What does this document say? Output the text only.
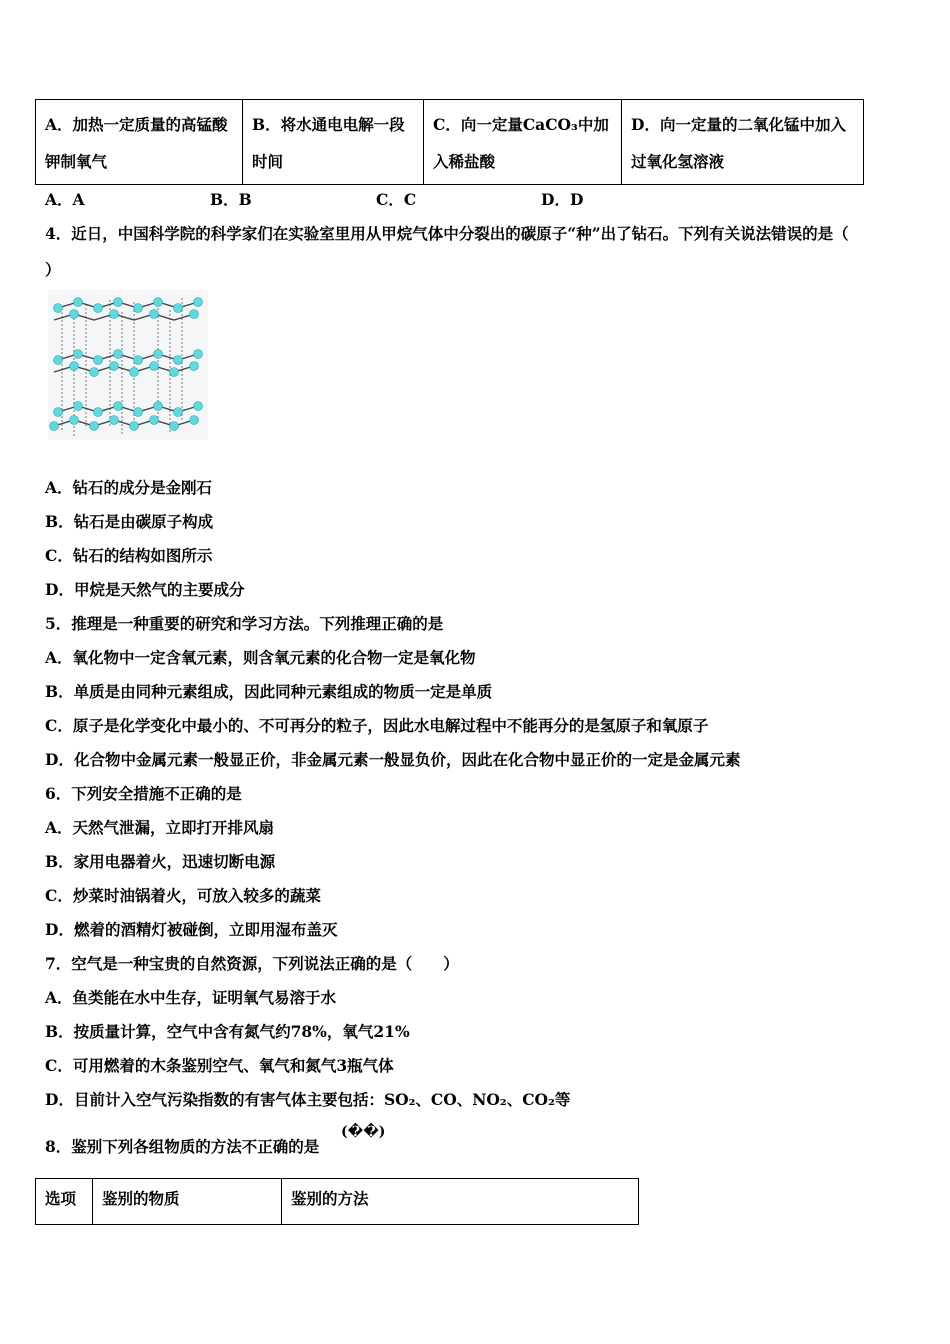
A．加热一定质量的高锰酸钾制氧气	B．将水通电电解一段时间	C．向一定量CaCO₃中加入稀盐酸	D．向一定量的二氧化锰中加入过氧化氢溶液
A．A	B．B	C．C	D．D
4．近日，中国科学院的科学家们在实验室里用从甲烷气体中分裂出的碳原子“种”出了钻石。下列有关说法错误的是（
）
A．钻石的成分是金刚石
B．钻石是由碳原子构成
C．钻石的结构如图所示
D．甲烷是天然气的主要成分
5．推理是一种重要的研究和学习方法。下列推理正确的是
A．氧化物中一定含氧元素，则含氧元素的化合物一定是氧化物
B．单质是由同种元素组成，因此同种元素组成的物质一定是单质
C．原子是化学变化中最小的、不可再分的粒子，因此水电解过程中不能再分的是氢原子和氧原子
D．化合物中金属元素一般显正价，非金属元素一般显负价，因此在化合物中显正价的一定是金属元素
6．下列安全措施不正确的是
A．天然气泄漏，立即打开排风扇
B．家用电器着火，迅速切断电源
C．炒菜时油锅着火，可放入较多的蔬菜
D．燃着的酒精灯被碰倒，立即用湿布盖灭
7．空气是一种宝贵的自然资源，下列说法正确的是（　　）
A．鱼类能在水中生存，证明氧气易溶于水
B．按质量计算，空气中含有氮气约78%，氧气21%
C．可用燃着的木条鉴别空气、氧气和氮气3瓶气体
D．目前计入空气污染指数的有害气体主要包括：SO₂、CO、NO₂、CO₂等
8．鉴别下列各组物质的方法不正确的是
(��)
选项	鉴别的物质	鉴别的方法
